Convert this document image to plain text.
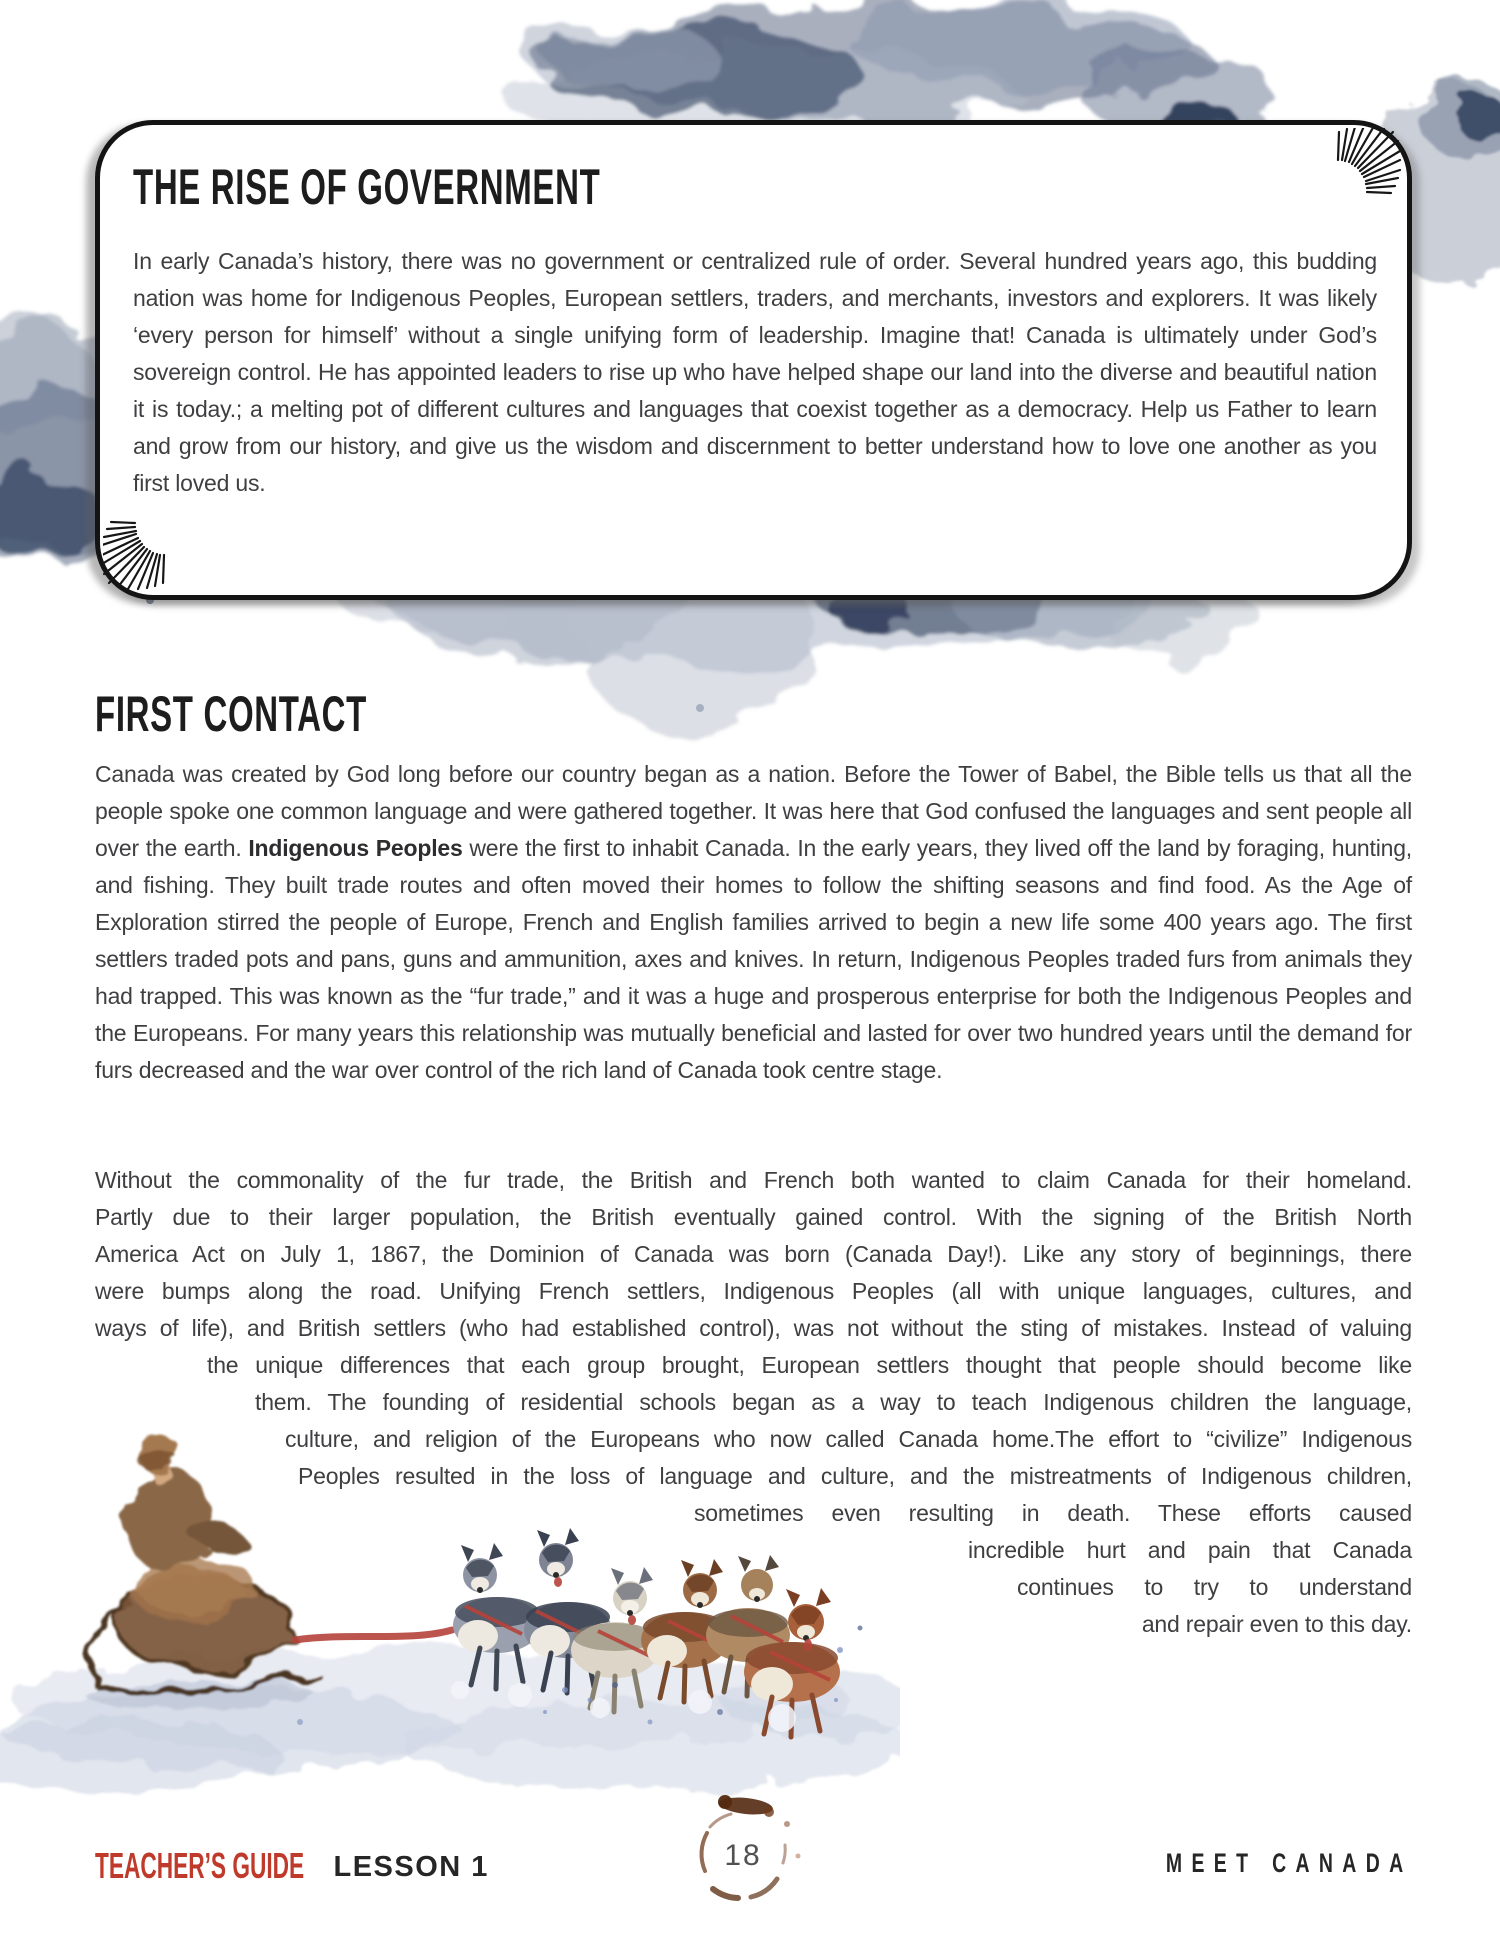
THE RISE OF GOVERNMENT

In early Canada’s history, there was no government or centralized rule of order. Several hundred years ago, this budding nation was home for Indigenous Peoples, European settlers, traders, and merchants, investors and explorers. It was likely ‘every person for himself’ without a single unifying form of leadership. Imagine that! Canada is ultimately under God’s sovereign control. He has appointed leaders to rise up who have helped shape our land into the diverse and beautiful nation it is today.; a melting pot of different cultures and languages that coexist together as a democracy. Help us Father to learn and grow from our history, and give us the wisdom and discernment to better understand how to love one another as you first loved us.

FIRST CONTACT

Canada was created by God long before our country began as a nation. Before the Tower of Babel, the Bible tells us that all the people spoke one common language and were gathered together. It was here that God confused the languages and sent people all over the earth. Indigenous Peoples were the first to inhabit Canada. In the early years, they lived off the land by foraging, hunting, and fishing. They built trade routes and often moved their homes to follow the shifting seasons and find food. As the Age of Exploration stirred the people of Europe, French and English families arrived to begin a new life some 400 years ago. The first settlers traded pots and pans, guns and ammunition, axes and knives. In return, Indigenous Peoples traded furs from animals they had trapped. This was known as the “fur trade,” and it was a huge and prosperous enterprise for both the Indigenous Peoples and the Europeans. For many years this relationship was mutually beneficial and lasted for over two hundred years until the demand for furs decreased and the war over control of the rich land of Canada took centre stage.

Without the commonality of the fur trade, the British and French both wanted to claim Canada for their homeland.
Partly due to their larger population, the British eventually gained control. With the signing of the British North
America Act on July 1, 1867, the Dominion of Canada was born (Canada Day!). Like any story of beginnings, there
were bumps along the road. Unifying French settlers, Indigenous Peoples (all with unique languages, cultures, and
ways of life), and British settlers (who had established control), was not without the sting of mistakes. Instead of valuing
the unique differences that each group brought, European settlers thought that people should become like
them. The founding of residential schools began as a way to teach Indigenous children the language,
culture, and religion of the Europeans who now called Canada home.The effort to “civilize” Indigenous
Peoples resulted in the loss of language and culture, and the mistreatments of Indigenous children,
sometimes even resulting in death. These efforts caused
incredible hurt and pain that Canada
continues to try to understand
and repair even to this day.
TEACHER’S GUIDE LESSON 1	18	MEET CANADA
